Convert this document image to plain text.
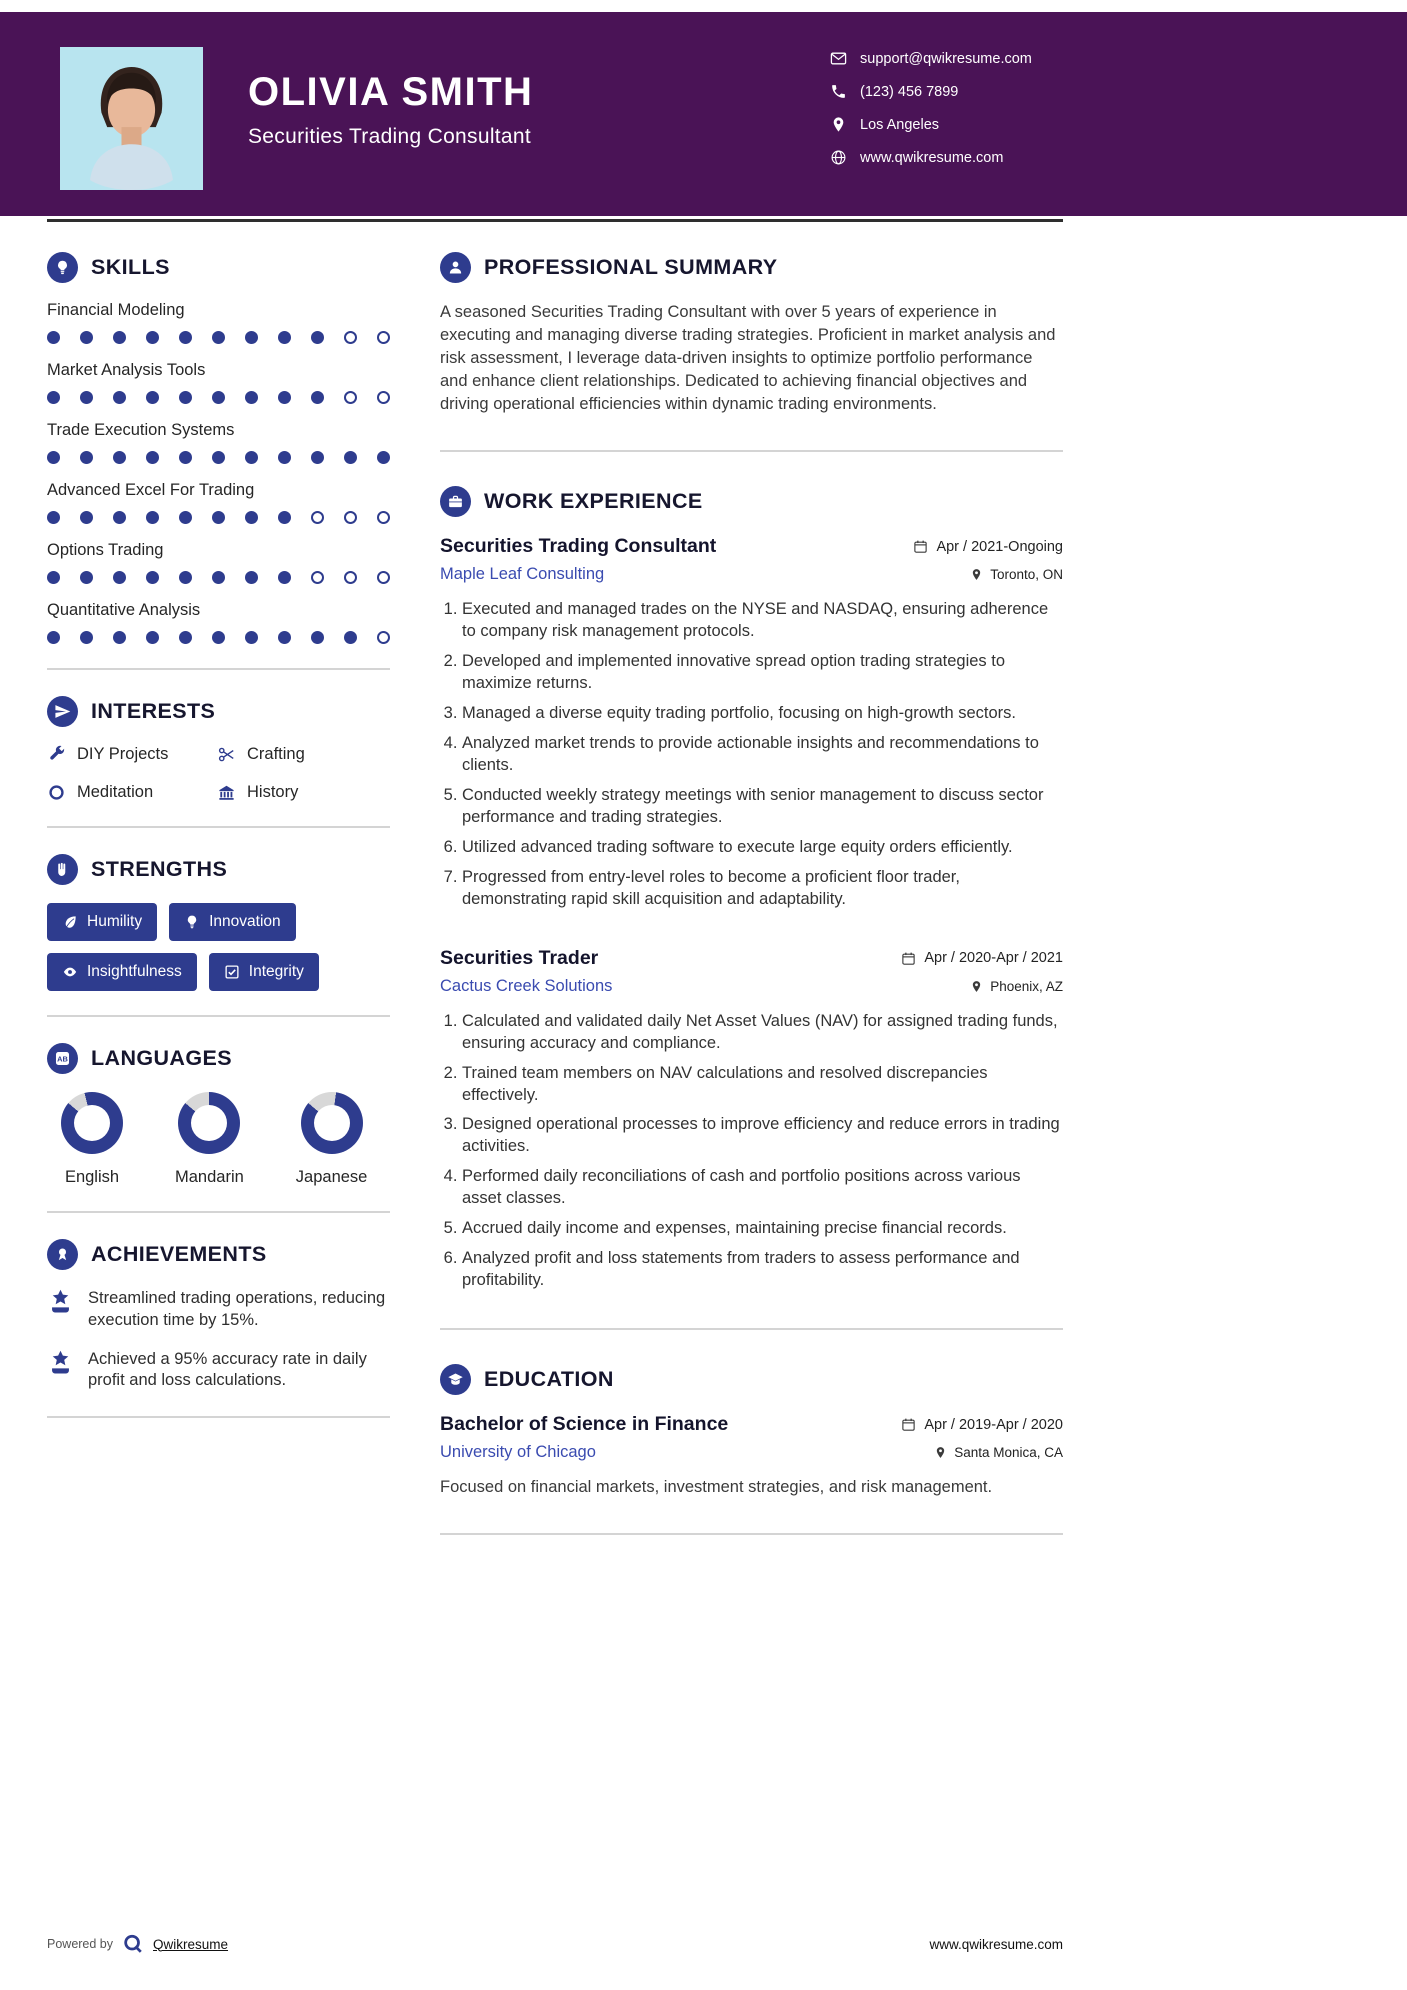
OLIVIA SMITH
Securities Trading Consultant
support@qwikresume.com
(123) 456 7899
Los Angeles
www.qwikresume.com
SKILLS
Financial Modeling
Market Analysis Tools
Trade Execution Systems
Advanced Excel For Trading
Options Trading
Quantitative Analysis
INTERESTS
DIY Projects	Crafting
Meditation	History
STRENGTHS
Humility	Innovation
Insightfulness	Integrity
AB LANGUAGES
English	Mandarin	Japanese
ACHIEVEMENTS
Streamlined trading operations, reducing execution time by 15%.
Achieved a 95% accuracy rate in daily profit and loss calculations.
PROFESSIONAL SUMMARY

A seasoned Securities Trading Consultant with over 5 years of experience in executing and managing diverse trading strategies. Proficient in market analysis and risk assessment, I leverage data-driven insights to optimize portfolio performance and enhance client relationships. Dedicated to achieving financial objectives and driving operational efficiencies within dynamic trading environments.

WORK EXPERIENCE
Securities Trading Consultant	Apr / 2021-Ongoing
Maple Leaf Consulting	Toronto, ON
1. Executed and managed trades on the NYSE and NASDAQ, ensuring adherence to company risk management protocols.
2. Developed and implemented innovative spread option trading strategies to maximize returns.
3. Managed a diverse equity trading portfolio, focusing on high-growth sectors.
4. Analyzed market trends to provide actionable insights and recommendations to clients.
5. Conducted weekly strategy meetings with senior management to discuss sector performance and trading strategies.
6. Utilized advanced trading software to execute large equity orders efficiently.
7. Progressed from entry-level roles to become a proficient floor trader, demonstrating rapid skill acquisition and adaptability.
Securities Trader	Apr / 2020-Apr / 2021
Cactus Creek Solutions	Phoenix, AZ
1. Calculated and validated daily Net Asset Values (NAV) for assigned trading funds, ensuring accuracy and compliance.
2. Trained team members on NAV calculations and resolved discrepancies effectively.
3. Designed operational processes to improve efficiency and reduce errors in trading activities.
4. Performed daily reconciliations of cash and portfolio positions across various asset classes.
5. Accrued daily income and expenses, maintaining precise financial records.
6. Analyzed profit and loss statements from traders to assess performance and profitability.
EDUCATION
Bachelor of Science in Finance	Apr / 2019-Apr / 2020
University of Chicago	Santa Monica, CA

Focused on financial markets, investment strategies, and risk management.

Powered by	Qwikresume	www.qwikresume.com
